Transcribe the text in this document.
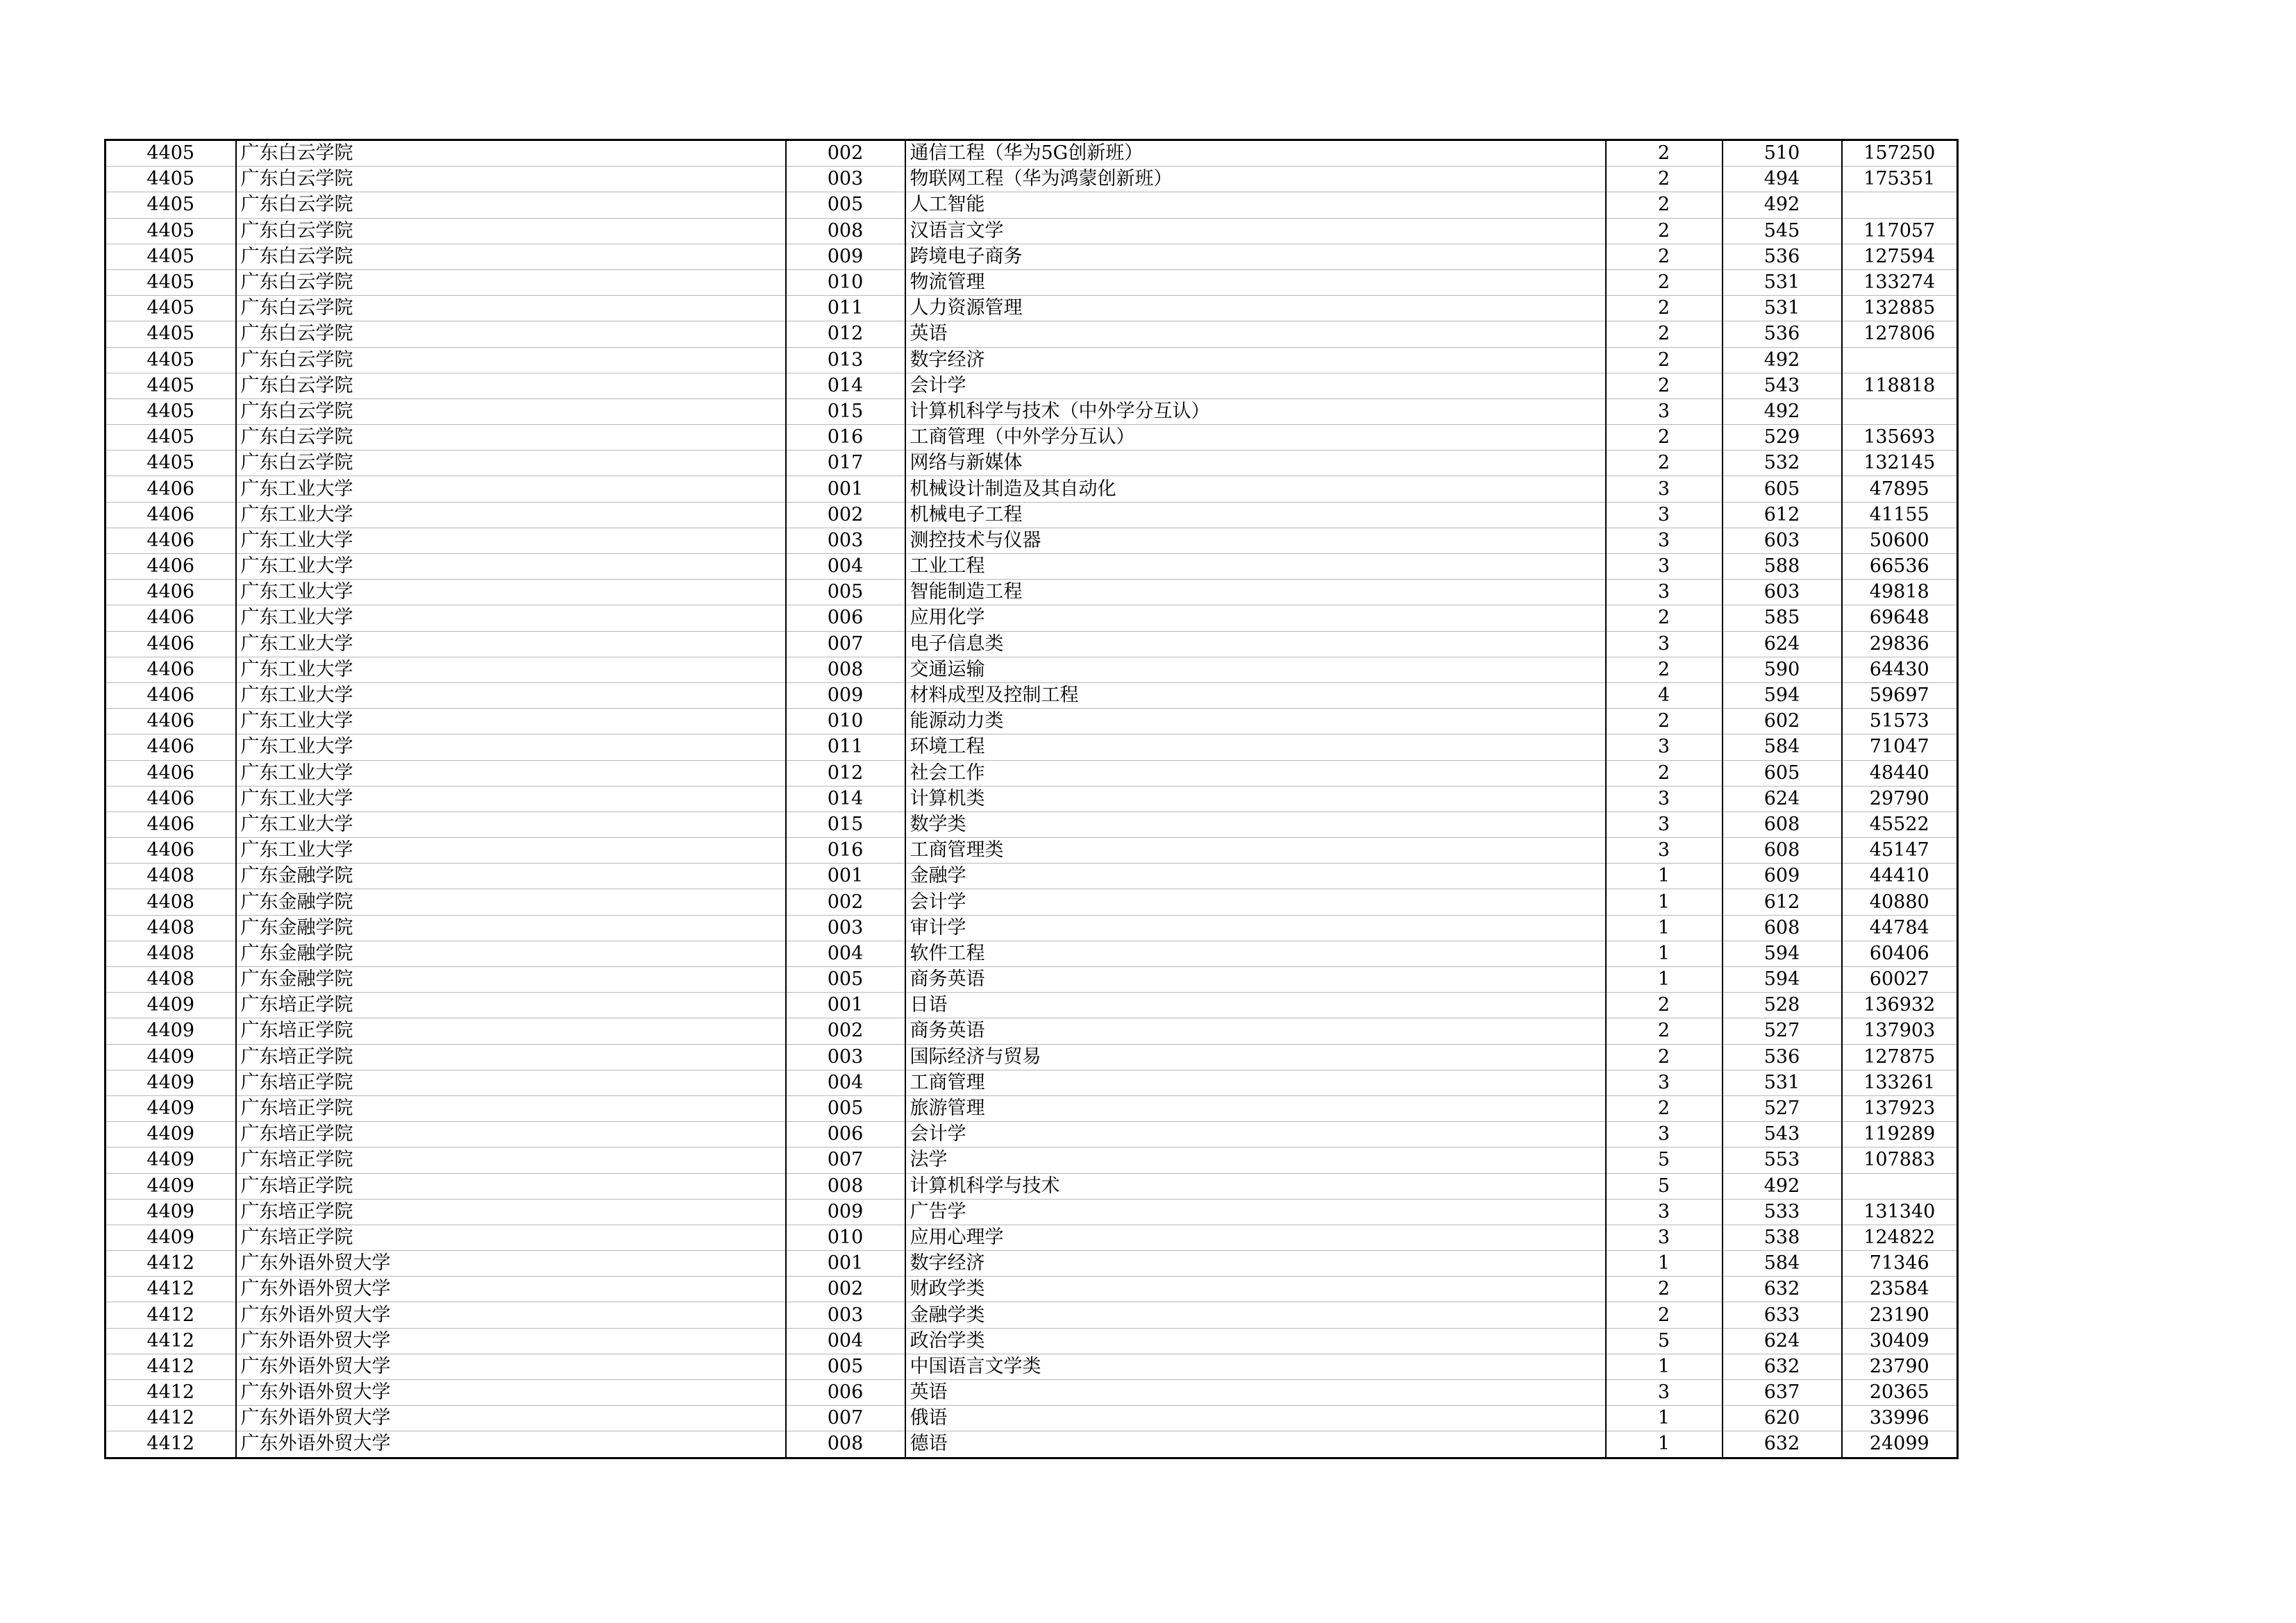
4405	广东白云学院	002	通信工程（华为5G创新班）	2	510	157250
4405	广东白云学院	003	物联网工程（华为鸿蒙创新班）	2	494	175351
4405	广东白云学院	005	人工智能	2	492	
4405	广东白云学院	008	汉语言文学	2	545	117057
4405	广东白云学院	009	跨境电子商务	2	536	127594
4405	广东白云学院	010	物流管理	2	531	133274
4405	广东白云学院	011	人力资源管理	2	531	132885
4405	广东白云学院	012	英语	2	536	127806
4405	广东白云学院	013	数字经济	2	492	
4405	广东白云学院	014	会计学	2	543	118818
4405	广东白云学院	015	计算机科学与技术（中外学分互认）	3	492	
4405	广东白云学院	016	工商管理（中外学分互认）	2	529	135693
4405	广东白云学院	017	网络与新媒体	2	532	132145
4406	广东工业大学	001	机械设计制造及其自动化	3	605	47895
4406	广东工业大学	002	机械电子工程	3	612	41155
4406	广东工业大学	003	测控技术与仪器	3	603	50600
4406	广东工业大学	004	工业工程	3	588	66536
4406	广东工业大学	005	智能制造工程	3	603	49818
4406	广东工业大学	006	应用化学	2	585	69648
4406	广东工业大学	007	电子信息类	3	624	29836
4406	广东工业大学	008	交通运输	2	590	64430
4406	广东工业大学	009	材料成型及控制工程	4	594	59697
4406	广东工业大学	010	能源动力类	2	602	51573
4406	广东工业大学	011	环境工程	3	584	71047
4406	广东工业大学	012	社会工作	2	605	48440
4406	广东工业大学	014	计算机类	3	624	29790
4406	广东工业大学	015	数学类	3	608	45522
4406	广东工业大学	016	工商管理类	3	608	45147
4408	广东金融学院	001	金融学	1	609	44410
4408	广东金融学院	002	会计学	1	612	40880
4408	广东金融学院	003	审计学	1	608	44784
4408	广东金融学院	004	软件工程	1	594	60406
4408	广东金融学院	005	商务英语	1	594	60027
4409	广东培正学院	001	日语	2	528	136932
4409	广东培正学院	002	商务英语	2	527	137903
4409	广东培正学院	003	国际经济与贸易	2	536	127875
4409	广东培正学院	004	工商管理	3	531	133261
4409	广东培正学院	005	旅游管理	2	527	137923
4409	广东培正学院	006	会计学	3	543	119289
4409	广东培正学院	007	法学	5	553	107883
4409	广东培正学院	008	计算机科学与技术	5	492	
4409	广东培正学院	009	广告学	3	533	131340
4409	广东培正学院	010	应用心理学	3	538	124822
4412	广东外语外贸大学	001	数字经济	1	584	71346
4412	广东外语外贸大学	002	财政学类	2	632	23584
4412	广东外语外贸大学	003	金融学类	2	633	23190
4412	广东外语外贸大学	004	政治学类	5	624	30409
4412	广东外语外贸大学	005	中国语言文学类	1	632	23790
4412	广东外语外贸大学	006	英语	3	637	20365
4412	广东外语外贸大学	007	俄语	1	620	33996
4412	广东外语外贸大学	008	德语	1	632	24099
